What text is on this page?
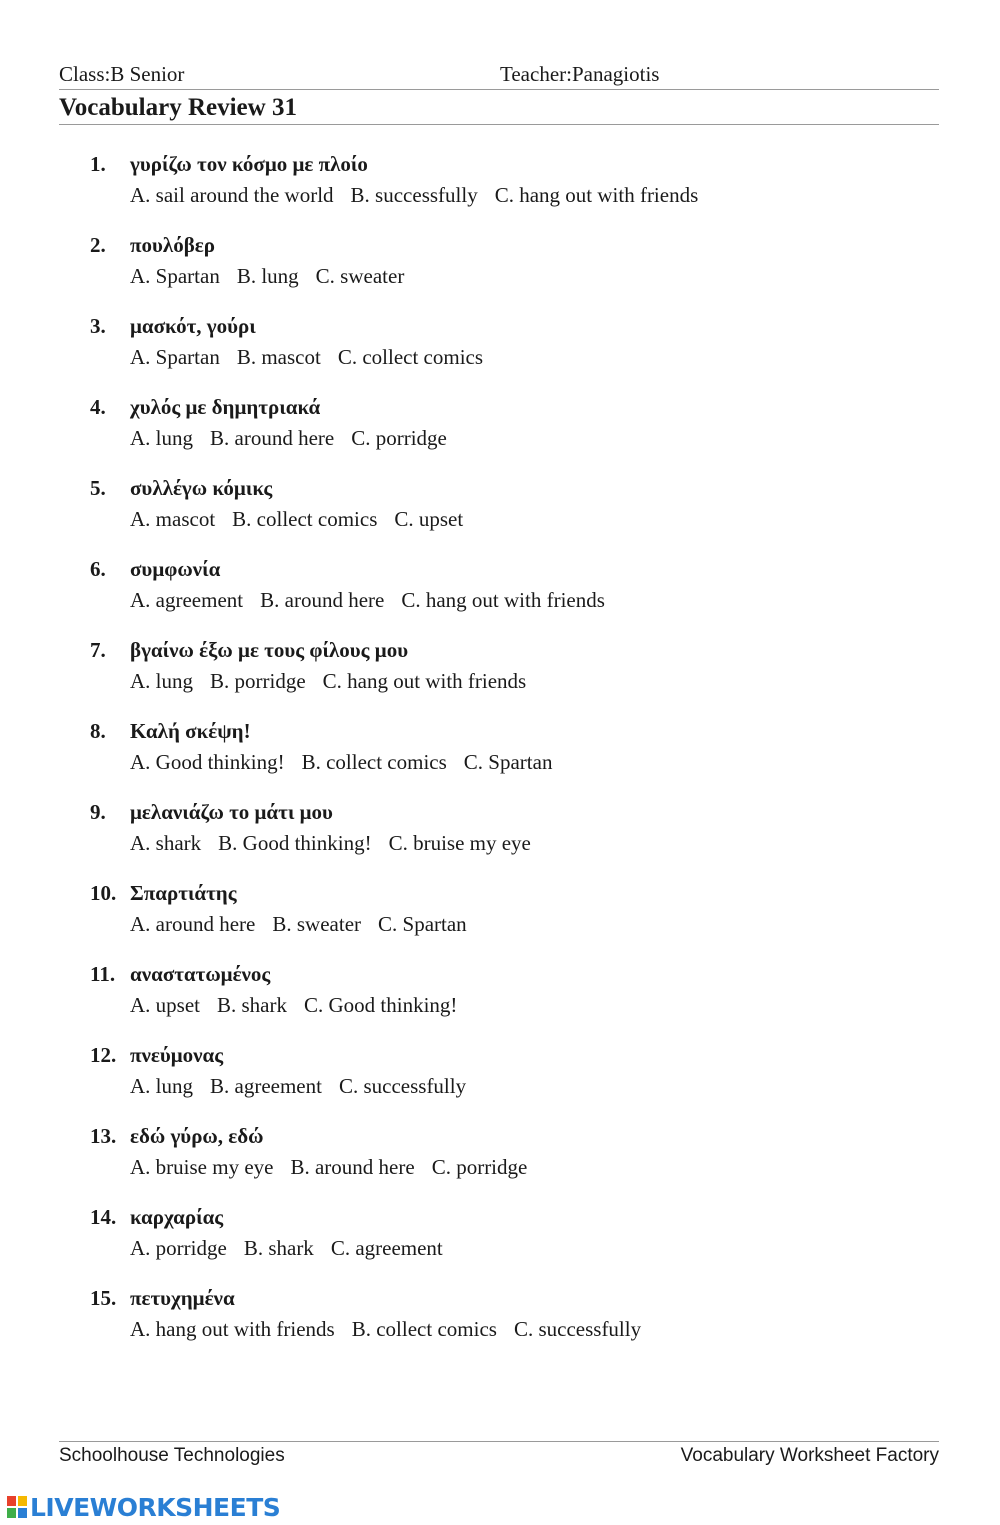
Class:B Senior	Teacher:Panagiotis
Vocabulary Review 31
1. γυρίζω τον κόσμο με πλοίο
A. sail around the world B. successfully C. hang out with friends
2. πουλόβερ
A. Spartan B. lung C. sweater
3. μασκότ, γούρι
A. Spartan B. mascot C. collect comics
4. χυλός με δημητριακά
A. lung B. around here C. porridge
5. συλλέγω κόμικς
A. mascot B. collect comics C. upset
6. συμφωνία
A. agreement B. around here C. hang out with friends
7. βγαίνω έξω με τους φίλους μου
A. lung B. porridge C. hang out with friends
8. Καλή σκέψη!
A. Good thinking! B. collect comics C. Spartan
9. μελανιάζω το μάτι μου
A. shark B. Good thinking! C. bruise my eye
10. Σπαρτιάτης
A. around here B. sweater C. Spartan
11. αναστατωμένος
A. upset B. shark C. Good thinking!
12. πνεύμονας
A. lung B. agreement C. successfully
13. εδώ γύρω, εδώ
A. bruise my eye B. around here C. porridge
14. καρχαρίας
A. porridge B. shark C. agreement
15. πετυχημένα
A. hang out with friends B. collect comics C. successfully
Schoolhouse Technologies	Vocabulary Worksheet Factory
LIVEWORKSHEETS
